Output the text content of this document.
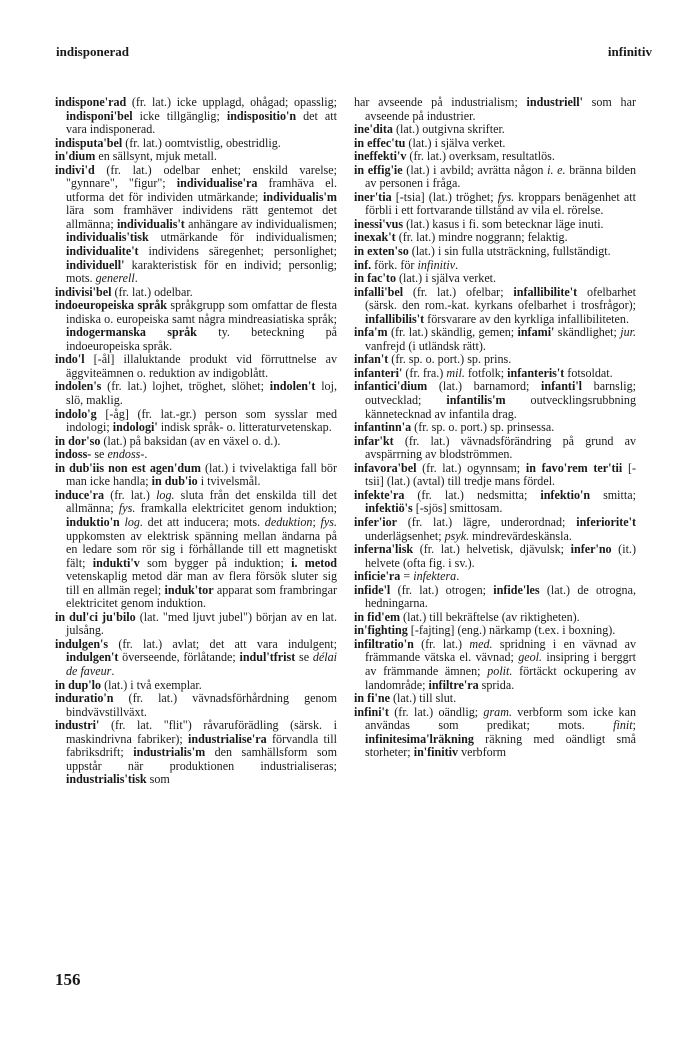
indisponerad	infinitiv

indispone'rad (fr. lat.) icke upplagd, ohågad; opasslig; indisponi'bel icke tillgänglig; indispositio'n det att vara indisponerad.

indisputa'bel (fr. lat.) oomtvistlig, obestridlig.

in'dium en sällsynt, mjuk metall.

indivi'd (fr. lat.) odelbar enhet; enskild varelse; "gynnare", "figur"; individualise'ra framhäva el. utforma det för individen utmärkande; individualis'm lära som framhäver individens rätt gentemot det allmänna; individualis't anhängare av individualismen; individualis'tisk utmärkande för individualismen; individualite't individens säregenhet; personlighet; individuell' karakteristisk för en individ; personlig; mots. generell.

indivisi'bel (fr. lat.) odelbar.

indoeuropeiska språk språkgrupp som omfattar de flesta indiska o. europeiska samt några mindreasiatiska språk; indogermanska språk ty. beteckning på indoeuropeiska språk.

indo'l [-ål] illaluktande produkt vid förruttnelse av äggviteämnen o. reduktion av indigoblått.

indolen's (fr. lat.) lojhet, tröghet, slöhet; indolen't loj, slö, maklig.

indolo'g [-åg] (fr. lat.-gr.) person som sysslar med indologi; indologi' indisk språk- o. litteraturvetenskap.

in dor'so (lat.) på baksidan (av en växel o. d.).

indoss- se endoss-.

in dub'iis non est agen'dum (lat.) i tvivelaktiga fall bör man icke handla; in dub'io i tvivelsmål.

induce'ra (fr. lat.) log. sluta från det enskilda till det allmänna; fys. framkalla elektricitet genom induktion; induktio'n log. det att inducera; mots. deduktion; fys. uppkomsten av elektrisk spänning mellan ändarna på en ledare som rör sig i förhållande till ett magnetiskt fält; indukti'v som bygger på induktion; i. metod vetenskaplig metod där man av flera försök sluter sig till en allmän regel; induk'tor apparat som frambringar elektricitet genom induktion.

in dul'ci ju'bilo (lat. "med ljuvt jubel") början av en lat. julsång.

indulgen's (fr. lat.) avlat; det att vara indulgent; indulgen't överseende, förlåtande; indul'tfrist se délai de faveur.

in dup'lo (lat.) i två exemplar.

induratio'n (fr. lat.) vävnadsförhårdning genom bindvävstillväxt.

industri' (fr. lat. "flit") råvaruförädling (särsk. i maskindrivna fabriker); industrialise'ra förvandla till fabriksdrift; industrialis'm den samhällsform som uppstår när produktionen industrialiseras; industrialis'tisk som

har avseende på industrialism; industriell' som har avseende på industrier.

ine'dita (lat.) outgivna skrifter.

in effec'tu (lat.) i själva verket.

ineffekti'v (fr. lat.) overksam, resultatlös.

in effig'ie (lat.) i avbild; avrätta någon i. e. bränna bilden av personen i fråga.

iner'tia [-tsia] (lat.) tröghet; fys. kroppars benägenhet att förbli i ett fortvarande tillstånd av vila el. rörelse.

inessi'vus (lat.) kasus i fi. som betecknar läge inuti.

inexak't (fr. lat.) mindre noggrann; felaktig.

in exten'so (lat.) i sin fulla utsträckning, fullständigt.

inf. förk. för infinitiv.

in fac'to (lat.) i själva verket.

infalli'bel (fr. lat.) ofelbar; infallibilite't ofelbarhet (särsk. den rom.-kat. kyrkans ofelbarhet i trosfrågor); infallibilis't försvarare av den kyrkliga infallibiliteten.

infa'm (fr. lat.) skändlig, gemen; infami' skändlighet; jur. vanfrejd (i utländsk rätt).

infan't (fr. sp. o. port.) sp. prins.

infanteri' (fr. fra.) mil. fotfolk; infanteris't fotsoldat.

infantici'dium (lat.) barnamord; infanti'l barnslig; outvecklad; infantilis'm outvecklingsrubbning kännetecknad av infantila drag.

infantinn'a (fr. sp. o. port.) sp. prinsessa.

infar'kt (fr. lat.) vävnadsförändring på grund av avspärrning av blodströmmen.

infavora'bel (fr. lat.) ogynnsam; in favo'rem ter'tii [-tsii] (lat.) (avtal) till tredje mans fördel.

infekte'ra (fr. lat.) nedsmitta; infektio'n smitta; infektiö's [-sjös] smittosam.

infer'ior (fr. lat.) lägre, underordnad; inferiorite't underlägsenhet; psyk. mindrevärdeskänsla.

inferna'lisk (fr. lat.) helvetisk, djävulsk; infer'no (it.) helvete (ofta fig. i sv.).

inficie'ra = infektera.

infide'l (fr. lat.) otrogen; infide'les (lat.) de otrogna, hedningarna.

in fid'em (lat.) till bekräftelse (av riktigheten).

in'fighting [-fajting] (eng.) närkamp (t.ex. i boxning).

infiltratio'n (fr. lat.) med. spridning i en vävnad av främmande vätska el. vävnad; geol. insipring i berggrt av främmande ämnen; polit. förtäckt ockupering av landområde; infiltre'ra sprida.

in fi'ne (lat.) till slut.

infini't (fr. lat.) oändlig; gram. verbform som icke kan användas som predikat; mots. finit; infinitesima'lräkning räkning med oändligt små storheter; in'finitiv verbform

156
